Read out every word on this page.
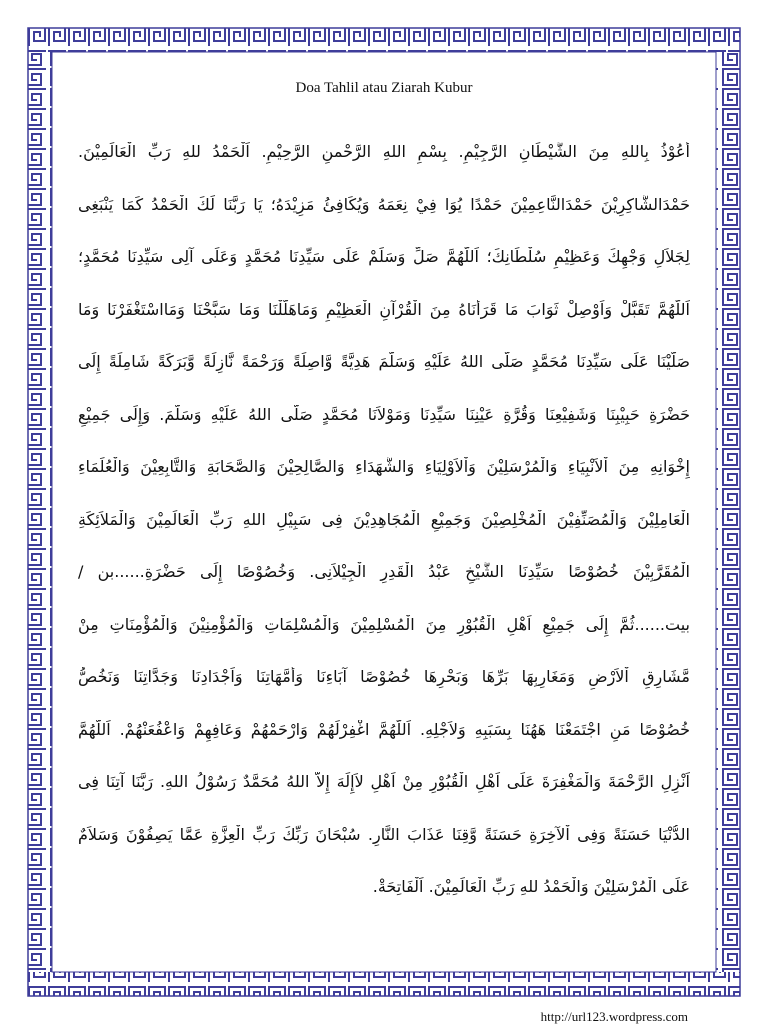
Doa Tahlil atau Ziarah Kubur
أَعُوْذُ بِاللهِ مِنَ الشَّيْطَانِ الرَّجِيْمِ. بِسْمِ اللهِ الرَّحْمنِ الرَّحِيْمِ. اَلْحَمْدُ للهِ رَبِّ الْعَالَمِيْنَ.
حَمْدَالشَّاكِرِيْنَ حَمْدَالنَّاعِمِيْنَ حَمْدًا يُوَا فِيْ نِعَمَهُ وَيُكَافِئُ مَزِيْدَهُ؛ يَا رَبَّنَا لَكَ الْحَمْدُ كَمَا يَنْبَغِى
لِجَلاَلِ وَجْهِكَ وَعَظِيْمِ سُلْطَانِكَ؛ اَللّهُمَّ صَلِّ وَسَلِّمْ عَلَى سَيِّدِنَا مُحَمَّدٍ وَعَلَى آلِى سَيِّدِنَا مُحَمَّدٍ؛
اَللّهُمَّ تَقَبَّلْ وَاَوْصِلْ ثَوَابَ مَا قَرَأْنَاهُ مِنَ الْقُرْآنِ الْعَظِيْمِ وَمَاهَلَّلْنَا وَمَا سَبَّحْنَا وَمَااسْتَغْفَرْنَا وَمَا
صَلَّيْنَا عَلَى سَيِّدِنَا مُحَمَّدٍ صَلَّى اللهُ عَلَيْهِ وَسَلَّمَ هَدِيَّةً وَّاصِلَةً وَرَحْمَةً نَّازِلَةً وَّبَرَكَةً شَامِلَةً إِلَى
حَضْرَةِ حَبِيْبِنَا وَشَفِيْعِنَا وَقُرَّةِ عَيْنِنَا سَيِّدِنَا وَمَوْلاَنَا مُحَمَّدٍ صَلَّى اللهُ عَلَيْهِ وَسَلَّمَ. وَإِلَى جَمِيْعِ
إِخْوَانِهِ مِنَ اْلاَنْبِيَاءِ وَالْمُرْسَلِيْنَ وَاْلاَوْلِيَاءِ وَالشُّهَدَاءِ وَالصَّالِحِيْنَ وَالصَّحَابَةِ وَالتَّابِعِيْنَ وَالْعُلَمَاءِ
الْعَامِلِيْنَ وَالْمُصَنِّفِيْنَ الْمُخْلِصِيْنَ وَجَمِيْعِ الْمُجَاهِدِيْنَ فِى سَبِيْلِ اللهِ رَبِّ الْعَالَمِيْنَ وَالْمَلاَئِكَةِ
الْمُقَرَّبِيْنَ خُصُوْصًا سَيِّدِنَا الشَّيْخِ عَبْدُ الْقَدِرِ الْجِيْلاَنِى. وَخُصُوْصًا إِلَى حَضْرَةِ......بن /
بيت......ثُمَّ إِلَى جَمِيْعِ اَهْلِ الْقُبُوْرِ مِنَ الْمُسْلِمِيْنَ وَالْمُسْلِمَاتِ وَالْمُؤْمِنِيْنَ وَالْمُؤْمِنَاتِ مِنْ
مَّشَارِقِ اْلاَرْضِ وَمَغَارِبِهَا بَرِّهَا وَبَحْرِهَا خُصُوْصًا آبَاءِنَا وَأُمَّهَاتِنَا وَاَجْدَادِنَا وَجَدَّاتِنَا وَنَخُصُّ
خُصُوْصًا مَنِ اجْتَمَعْنَا هَهُنَا بِسَبَبِهِ وَلاَجْلِهِ. اَللّهُمَّ اغْفِرْلَهُمْ وَارْحَمْهُمْ وَعَافِهِمْ وَاعْفُعَنْهُمْ. اَللّهُمَّ
اَنْزِلِ الرَّحْمَةَ وَالْمَغْفِرَةَ عَلَى اَهْلِ الْقُبُوْرِ مِنْ اَهْلِ لاَإِلَهَ إِلاَّ اللهُ مُحَمَّدٌ رَسُوْلُ اللهِ. رَبَّنَا آتِنَا فِى
الدُّنْيَا حَسَنَةً وَفِى اْلآخِرَةِ حَسَنَةً وَّقِنَا عَذَابَ النَّارِ. سُبْحَانَ رَبِّكَ رَبِّ الْعِزَّةِ عَمَّا يَصِفُوْنَ وَسَلاَمٌ
عَلَى الْمُرْسَلِيْنَ وَالْحَمْدُ للهِ رَبِّ الْعَالَمِيْنَ. اَلْفَاتِحَةْ.
http://url123.wordpress.com
